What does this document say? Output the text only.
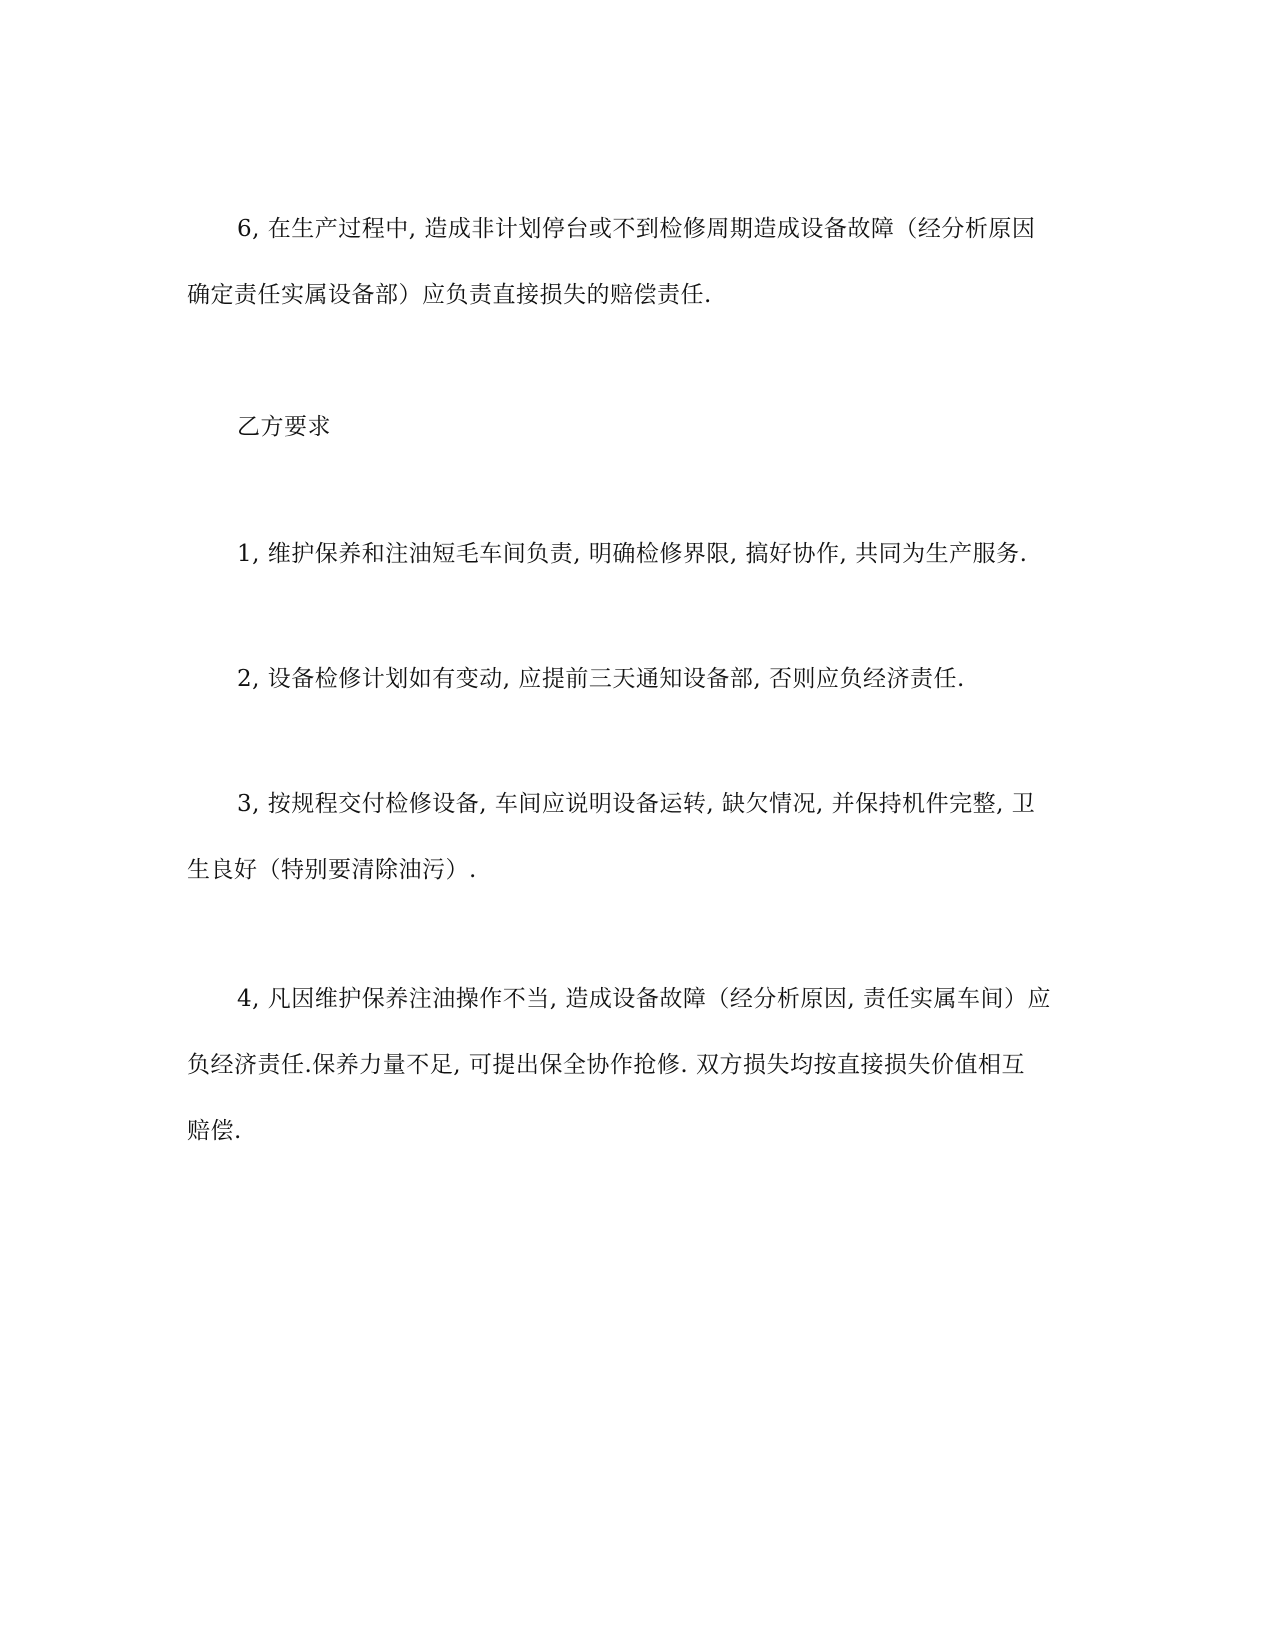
6, 在生产过程中, 造成非计划停台或不到检修周期造成设备故障（经分析原因
确定责任实属设备部）应负责直接损失的赔偿责任.

乙方要求

1, 维护保养和注油短毛车间负责, 明确检修界限, 搞好协作, 共同为生产服务.

2, 设备检修计划如有变动, 应提前三天通知设备部, 否则应负经济责任.

3, 按规程交付检修设备, 车间应说明设备运转, 缺欠情况, 并保持机件完整, 卫
生良好（特别要清除油污）.

4, 凡因维护保养注油操作不当, 造成设备故障（经分析原因, 责任实属车间）应
负经济责任.保养力量不足, 可提出保全协作抢修. 双方损失均按直接损失价值相互
赔偿.
